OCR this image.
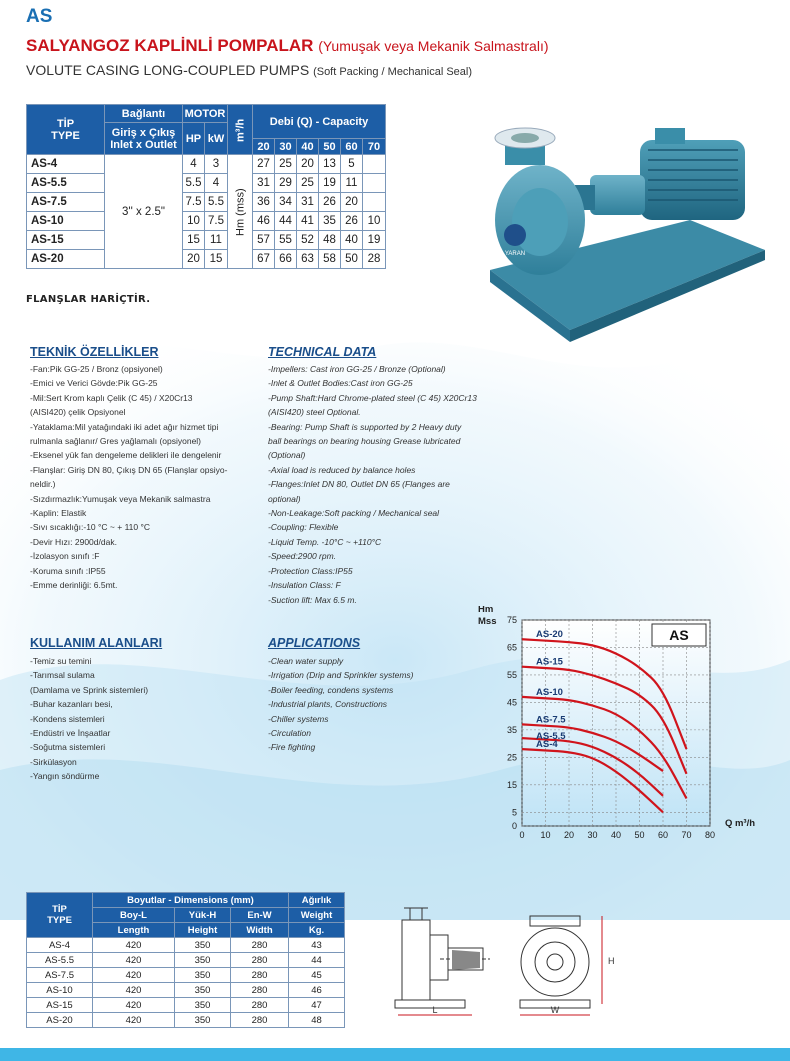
AS
SALYANGOZ KAPLİNLİ POMPALAR (Yumuşak veya Mekanik Salmastralı)
VOLUTE CASING LONG-COUPLED PUMPS (Soft Packing / Mechanical Seal)
TİP
TYPE	Bağlantı	MOTOR		m³/h	Debi (Q) - Capacity					

	Giriş x Çıkış
Inlet x Outlet	HP	kW							
					20	30	40	50	60	70
AS-4	3'' x 2.5"	4	3	Hm (mss)	27	25	20	13	5	
AS-5.5		5.5	4		31	29	25	19	11	
AS-7.5		7.5	5.5		36	34	31	26	20	
AS-10		10	7.5		46	44	41	35	26	10
AS-15		15	11		57	55	52	48	40	19
AS-20		20	15		67	66	63	58	50	28
FLANŞLAR HARİÇTİR.
YARAN
TEKNİK ÖZELLİKLER
-Fan:Pik GG-25 / Bronz (opsiyonel)
-Emici ve Verici Gövde:Pik GG-25
-Mil:Sert Krom kaplı Çelik (C 45) / X20Cr13
(AISI420) çelik Opsiyonel
-Yataklama:Mil yatağındaki iki adet ağır hizmet tipi
rulmanla sağlanır/ Gres yağlamalı (opsiyonel)
-Eksenel yük fan dengeleme delikleri ile dengelenir
-Flanşlar: Giriş DN 80, Çıkış DN 65 (Flanşlar opsiyo-
neldir.)
-Sızdırmazlık:Yumuşak veya Mekanik salmastra
-Kaplin: Elastik
-Sıvı sıcaklığı:-10 °C ~ + 110 °C
-Devir Hızı: 2900d/dak.
-İzolasyon sınıfı :F
-Koruma sınıfı :IP55
-Emme derinliği: 6.5mt.
TECHNICAL DATA
-Impellers: Cast iron GG-25 / Bronze (Optional)
-Inlet & Outlet Bodies:Cast iron GG-25
-Pump Shaft:Hard Chrome-plated steel (C 45) X20Cr13
(AISI420) steel Optional.
-Bearing: Pump Shaft is supported by 2 Heavy duty
ball bearings on bearing housing Grease lubricated
(Optional)
-Axial load is reduced by balance holes
-Flanges:Inlet DN 80, Outlet DN 65 (Flanges are
optional)
-Non-Leakage:Soft packing / Mechanical seal
-Coupling: Flexible
-Liquid Temp. -10°C ~ +110°C
-Speed:2900 rpm.
-Protection Class:IP55
-Insulation Class: F
-Suction lift: Max 6.5 m.
KULLANIM ALANLARI
-Temiz su temini
-Tarımsal sulama
(Damlama ve Sprink sistemleri)
-Buhar kazanları besi,
-Kondens sistemleri
-Endüstri ve İnşaatlar
-Soğutma sistemleri
-Sirkülasyon
-Yangın söndürme
APPLICATIONS
-Clean water supply
-Irrigation (Drip and Sprinkler systems)
-Boiler feeding, condens systems
-Industrial plants, Constructions
-Chiller systems
-Circulation
-Fire fighting
0
5
15
25
35
45
55
65
75
0 10 20 30 40 50 60 70 80
Hm
Mss
Q m³/h
AS
AS-20
AS-15
AS-10
AS-7.5
AS-5.5
AS-4
TİP
TYPE	Boyutlar - Dimensions (mm)			Ağırlık
	Boy-L	Yük-H	En-W	Weight
	Length	Height	Width	Kg.
AS-4	420	350	280	43
AS-5.5	420	350	280	44
AS-7.5	420	350	280	45
AS-10	420	350	280	46
AS-15	420	350	280	47
AS-20	420	350	280	48
L
H
W
